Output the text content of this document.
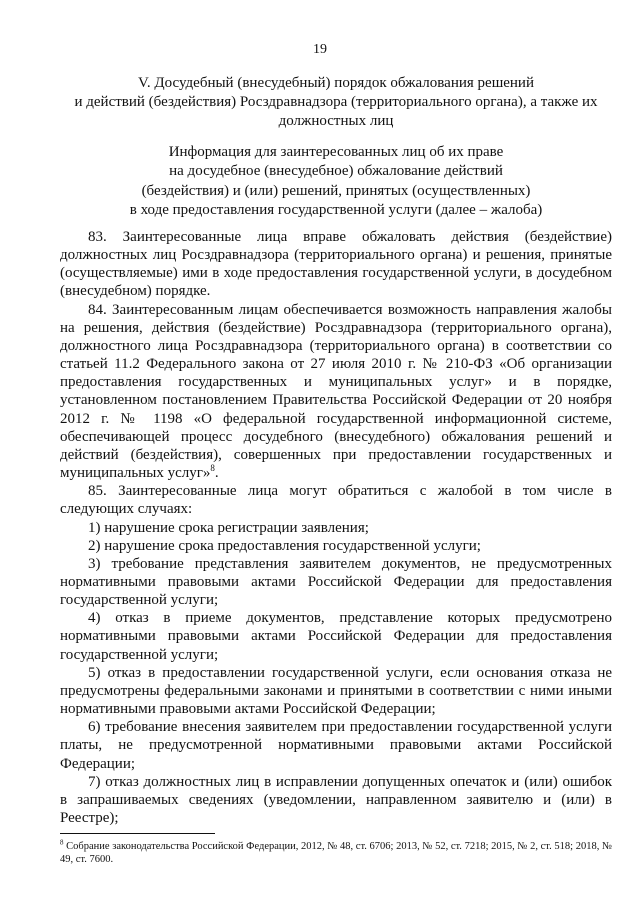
19
V. Досудебный (внесудебный) порядок обжалования решений
и действий (бездействия) Росздравнадзора (территориального органа), а также их
должностных лиц
Информация для заинтересованных лиц об их праве
на досудебное (внесудебное) обжалование действий
(бездействия) и (или) решений, принятых (осуществленных)
в ходе предоставления государственной услуги (далее – жалоба)

83. Заинтересованные лица вправе обжаловать действия (бездействие) должностных лиц Росздравнадзора (территориального органа) и решения, принятые (осуществляемые) ими в ходе предоставления государственной услуги, в досудебном (внесудебном) порядке.

84. Заинтересованным лицам обеспечивается возможность направления жалобы на решения, действия (бездействие) Росздравнадзора (территориального органа), должностного лица Росздравнадзора (территориального органа) в соответствии со статьей 11.2 Федерального закона от 27 июля 2010 г. № 210-ФЗ «Об организации предоставления государственных и муниципальных услуг» и в порядке, установленном постановлением Правительства Российской Федерации от 20 ноября 2012 г. № 1198 «О федеральной государственной информационной системе, обеспечивающей процесс досудебного (внесудебного) обжалования решений и действий (бездействия), совершенных при предоставлении государственных и муниципальных услуг»$^8$.

85. Заинтересованные лица могут обратиться с жалобой в том числе в следующих случаях:

1) нарушение срока регистрации заявления;

2) нарушение срока предоставления государственной услуги;

3) требование представления заявителем документов, не предусмотренных нормативными правовыми актами Российской Федерации для предоставления государственной услуги;

4) отказ в приеме документов, представление которых предусмотрено нормативными правовыми актами Российской Федерации для предоставления государственной услуги;

5) отказ в предоставлении государственной услуги, если основания отказа не предусмотрены федеральными законами и принятыми в соответствии с ними иными нормативными правовыми актами Российской Федерации;

6) требование внесения заявителем при предоставлении государственной услуги платы, не предусмотренной нормативными правовыми актами Российской Федерации;

7) отказ должностных лиц в исправлении допущенных опечаток и (или) ошибок в запрашиваемых сведениях (уведомлении, направленном заявителю и (или) в Реестре);

$^8$ Собрание законодательства Российской Федерации, 2012, № 48, ст. 6706; 2013, № 52, ст. 7218; 2015, № 2, ст. 518; 2018, № 49, ст. 7600.
